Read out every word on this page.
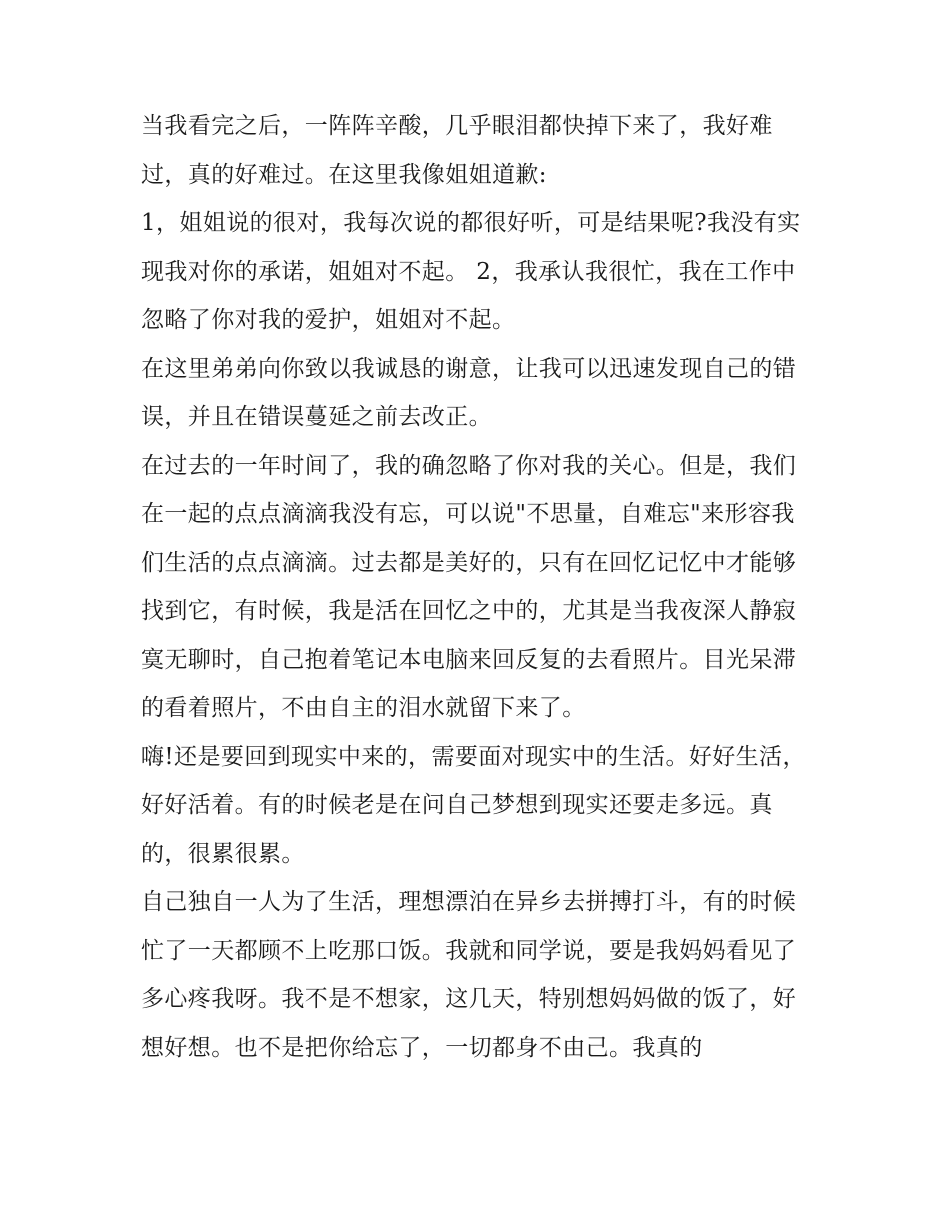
当我看完之后，一阵阵辛酸，几乎眼泪都快掉下来了，我好难过，真的好难过。在这里我像姐姐道歉:

1，姐姐说的很对，我每次说的都很好听，可是结果呢?我没有实现我对你的承诺，姐姐对不起。 2，我承认我很忙，我在工作中忽略了你对我的爱护，姐姐对不起。

在这里弟弟向你致以我诚恳的谢意，让我可以迅速发现自己的错误，并且在错误蔓延之前去改正。

在过去的一年时间了，我的确忽略了你对我的关心。但是，我们在一起的点点滴滴我没有忘，可以说"不思量，自难忘"来形容我们生活的点点滴滴。过去都是美好的，只有在回忆记忆中才能够找到它，有时候，我是活在回忆之中的，尤其是当我夜深人静寂寞无聊时，自己抱着笔记本电脑来回反复的去看照片。目光呆滞的看着照片，不由自主的泪水就留下来了。

嗨!还是要回到现实中来的，需要面对现实中的生活。好好生活，好好活着。有的时候老是在问自己梦想到现实还要走多远。真的，很累很累。

自己独自一人为了生活，理想漂泊在异乡去拼搏打斗，有的时候忙了一天都顾不上吃那口饭。我就和同学说，要是我妈妈看见了多心疼我呀。我不是不想家，这几天，特别想妈妈做的饭了，好想好想。也不是把你给忘了，一切都身不由己。我真的
